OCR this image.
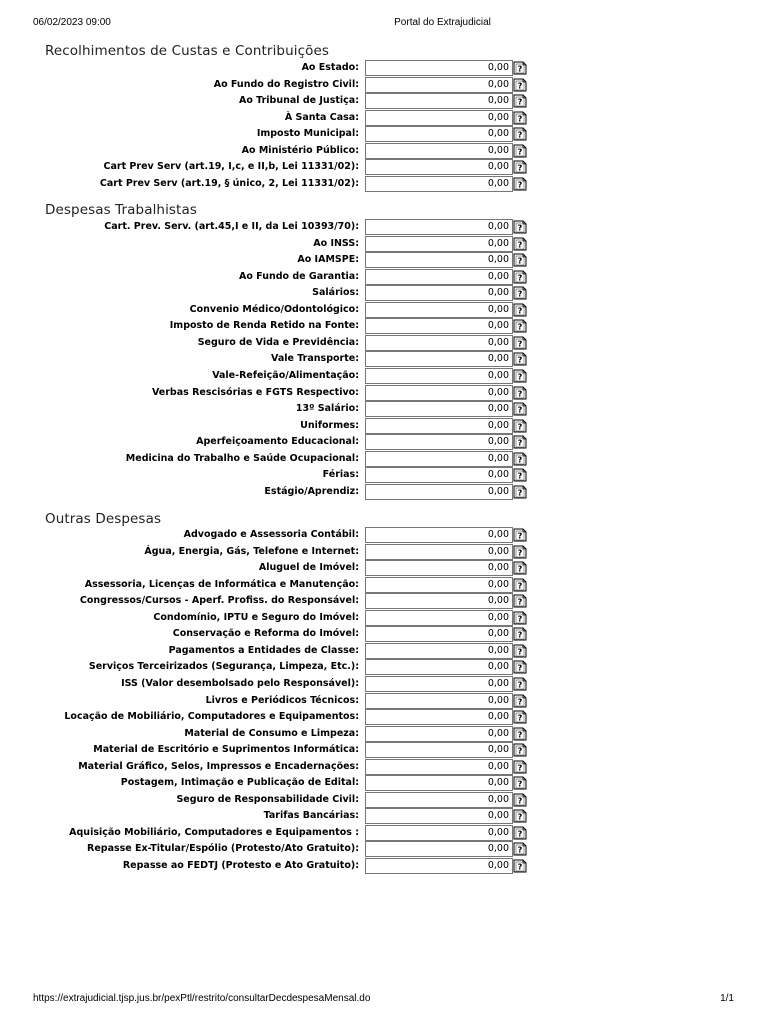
06/02/2023 09:00	Portal do Extrajudicial
Recolhimentos de Custas e Contribuições
Ao Estado:	0,00	?
Ao Fundo do Registro Civil:	0,00	?
Ao Tribunal de Justiça:	0,00	?
À Santa Casa:	0,00	?
Imposto Municipal:	0,00	?
Ao Ministério Público:	0,00	?
Cart Prev Serv (art.19, I,c, e II,b, Lei 11331/02):	0,00	?
Cart Prev Serv (art.19, § único, 2, Lei 11331/02):	0,00	?
Despesas Trabalhistas
Cart. Prev. Serv. (art.45,I e II, da Lei 10393/70):	0,00	?
Ao INSS:	0,00	?
Ao IAMSPE:	0,00	?
Ao Fundo de Garantia:	0,00	?
Salários:	0,00	?
Convenio Médico/Odontológico:	0,00	?
Imposto de Renda Retido na Fonte:	0,00	?
Seguro de Vida e Previdência:	0,00	?
Vale Transporte:	0,00	?
Vale-Refeição/Alimentação:	0,00	?
Verbas Rescisórias e FGTS Respectivo:	0,00	?
13º Salário:	0,00	?
Uniformes:	0,00	?
Aperfeiçoamento Educacional:	0,00	?
Medicina do Trabalho e Saúde Ocupacional:	0,00	?
Férias:	0,00	?
Estágio/Aprendiz:	0,00	?
Outras Despesas
Advogado e Assessoria Contábil:	0,00	?
Água, Energia, Gás, Telefone e Internet:	0,00	?
Aluguel de Imóvel:	0,00	?
Assessoria, Licenças de Informática e Manutenção:	0,00	?
Congressos/Cursos - Aperf. Profiss. do Responsável:	0,00	?
Condomínio, IPTU e Seguro do Imóvel:	0,00	?
Conservação e Reforma do Imóvel:	0,00	?
Pagamentos a Entidades de Classe:	0,00	?
Serviços Terceirizados (Segurança, Limpeza, Etc.):	0,00	?
ISS (Valor desembolsado pelo Responsável):	0,00	?
Livros e Periódicos Técnicos:	0,00	?
Locação de Mobiliário, Computadores e Equipamentos:	0,00	?
Material de Consumo e Limpeza:	0,00	?
Material de Escritório e Suprimentos Informática:	0,00	?
Material Gráfico, Selos, Impressos e Encadernações:	0,00	?
Postagem, Intimação e Publicação de Edital:	0,00	?
Seguro de Responsabilidade Civil:	0,00	?
Tarifas Bancárias:	0,00	?
Aquisição Mobiliário, Computadores e Equipamentos :	0,00	?
Repasse Ex-Titular/Espólio (Protesto/Ato Gratuito):	0,00	?
Repasse ao FEDTJ (Protesto e Ato Gratuito):	0,00	?
https://extrajudicial.tjsp.jus.br/pexPtl/restrito/consultarDecdespesaMensal.do	1/1
